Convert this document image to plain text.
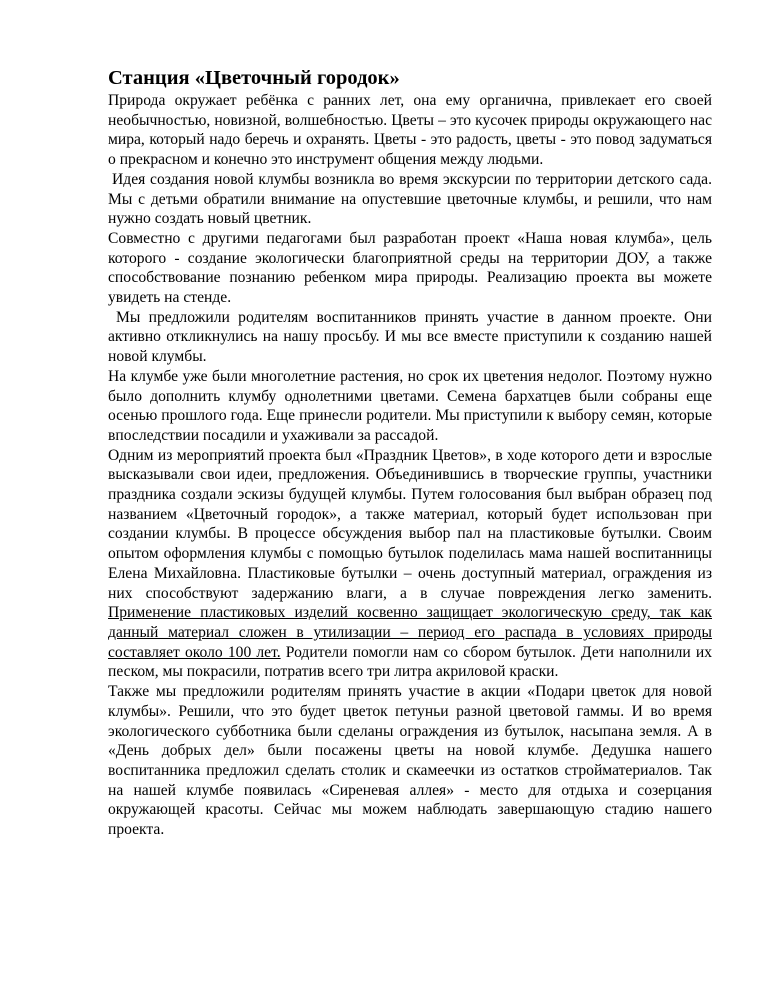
Станция «Цветочный городок»

Природа окружает ребёнка с ранних лет, она ему органична, привлекает его своей необычностью, новизной, волшебностью. Цветы – это кусочек природы окружающего нас мира, который надо беречь и охранять. Цветы - это радость, цветы - это повод задуматься о прекрасном и конечно это инструмент общения между людьми.

Идея создания новой клумбы возникла во время экскурсии по территории детского сада. Мы с детьми обратили внимание на опустевшие цветочные клумбы, и решили, что нам нужно создать новый цветник.

Совместно с другими педагогами был разработан проект «Наша новая клумба», цель которого - создание экологически благоприятной среды на территории ДОУ, а также способствование познанию ребенком мира природы. Реализацию проекта вы можете увидеть на стенде.

Мы предложили родителям воспитанников принять участие в данном проекте. Они активно откликнулись на нашу просьбу. И мы все вместе приступили к созданию нашей новой клумбы.

На клумбе уже были многолетние растения, но срок их цветения недолог. Поэтому нужно было дополнить клумбу однолетними цветами. Семена бархатцев были собраны еще осенью прошлого года. Еще принесли родители. Мы приступили к выбору семян, которые впоследствии посадили и ухаживали за рассадой.

Одним из мероприятий проекта был «Праздник Цветов», в ходе которого дети и взрослые высказывали свои идеи, предложения. Объединившись в творческие группы, участники праздника создали эскизы будущей клумбы. Путем голосования был выбран образец под названием «Цветочный городок», а также материал, который будет использован при создании клумбы. В процессе обсуждения выбор пал на пластиковые бутылки. Своим опытом оформления клумбы с помощью бутылок поделилась мама нашей воспитанницы Елена Михайловна. Пластиковые бутылки – очень доступный материал, ограждения из них способствуют задержанию влаги, а в случае повреждения легко заменить. Применение пластиковых изделий косвенно защищает экологическую среду, так как данный материал сложен в утилизации – период его распада в условиях природы составляет около 100 лет. Родители помогли нам со сбором бутылок. Дети наполнили их песком, мы покрасили, потратив всего три литра акриловой краски.

Также мы предложили родителям принять участие в акции «Подари цветок для новой клумбы». Решили, что это будет цветок петуньи разной цветовой гаммы. И во время экологического субботника были сделаны ограждения из бутылок, насыпана земля. А в «День добрых дел» были посажены цветы на новой клумбе. Дедушка нашего воспитанника предложил сделать столик и скамеечки из остатков стройматериалов. Так на нашей клумбе появилась «Сиреневая аллея» - место для отдыха и созерцания окружающей красоты. Сейчас мы можем наблюдать завершающую стадию нашего проекта.
